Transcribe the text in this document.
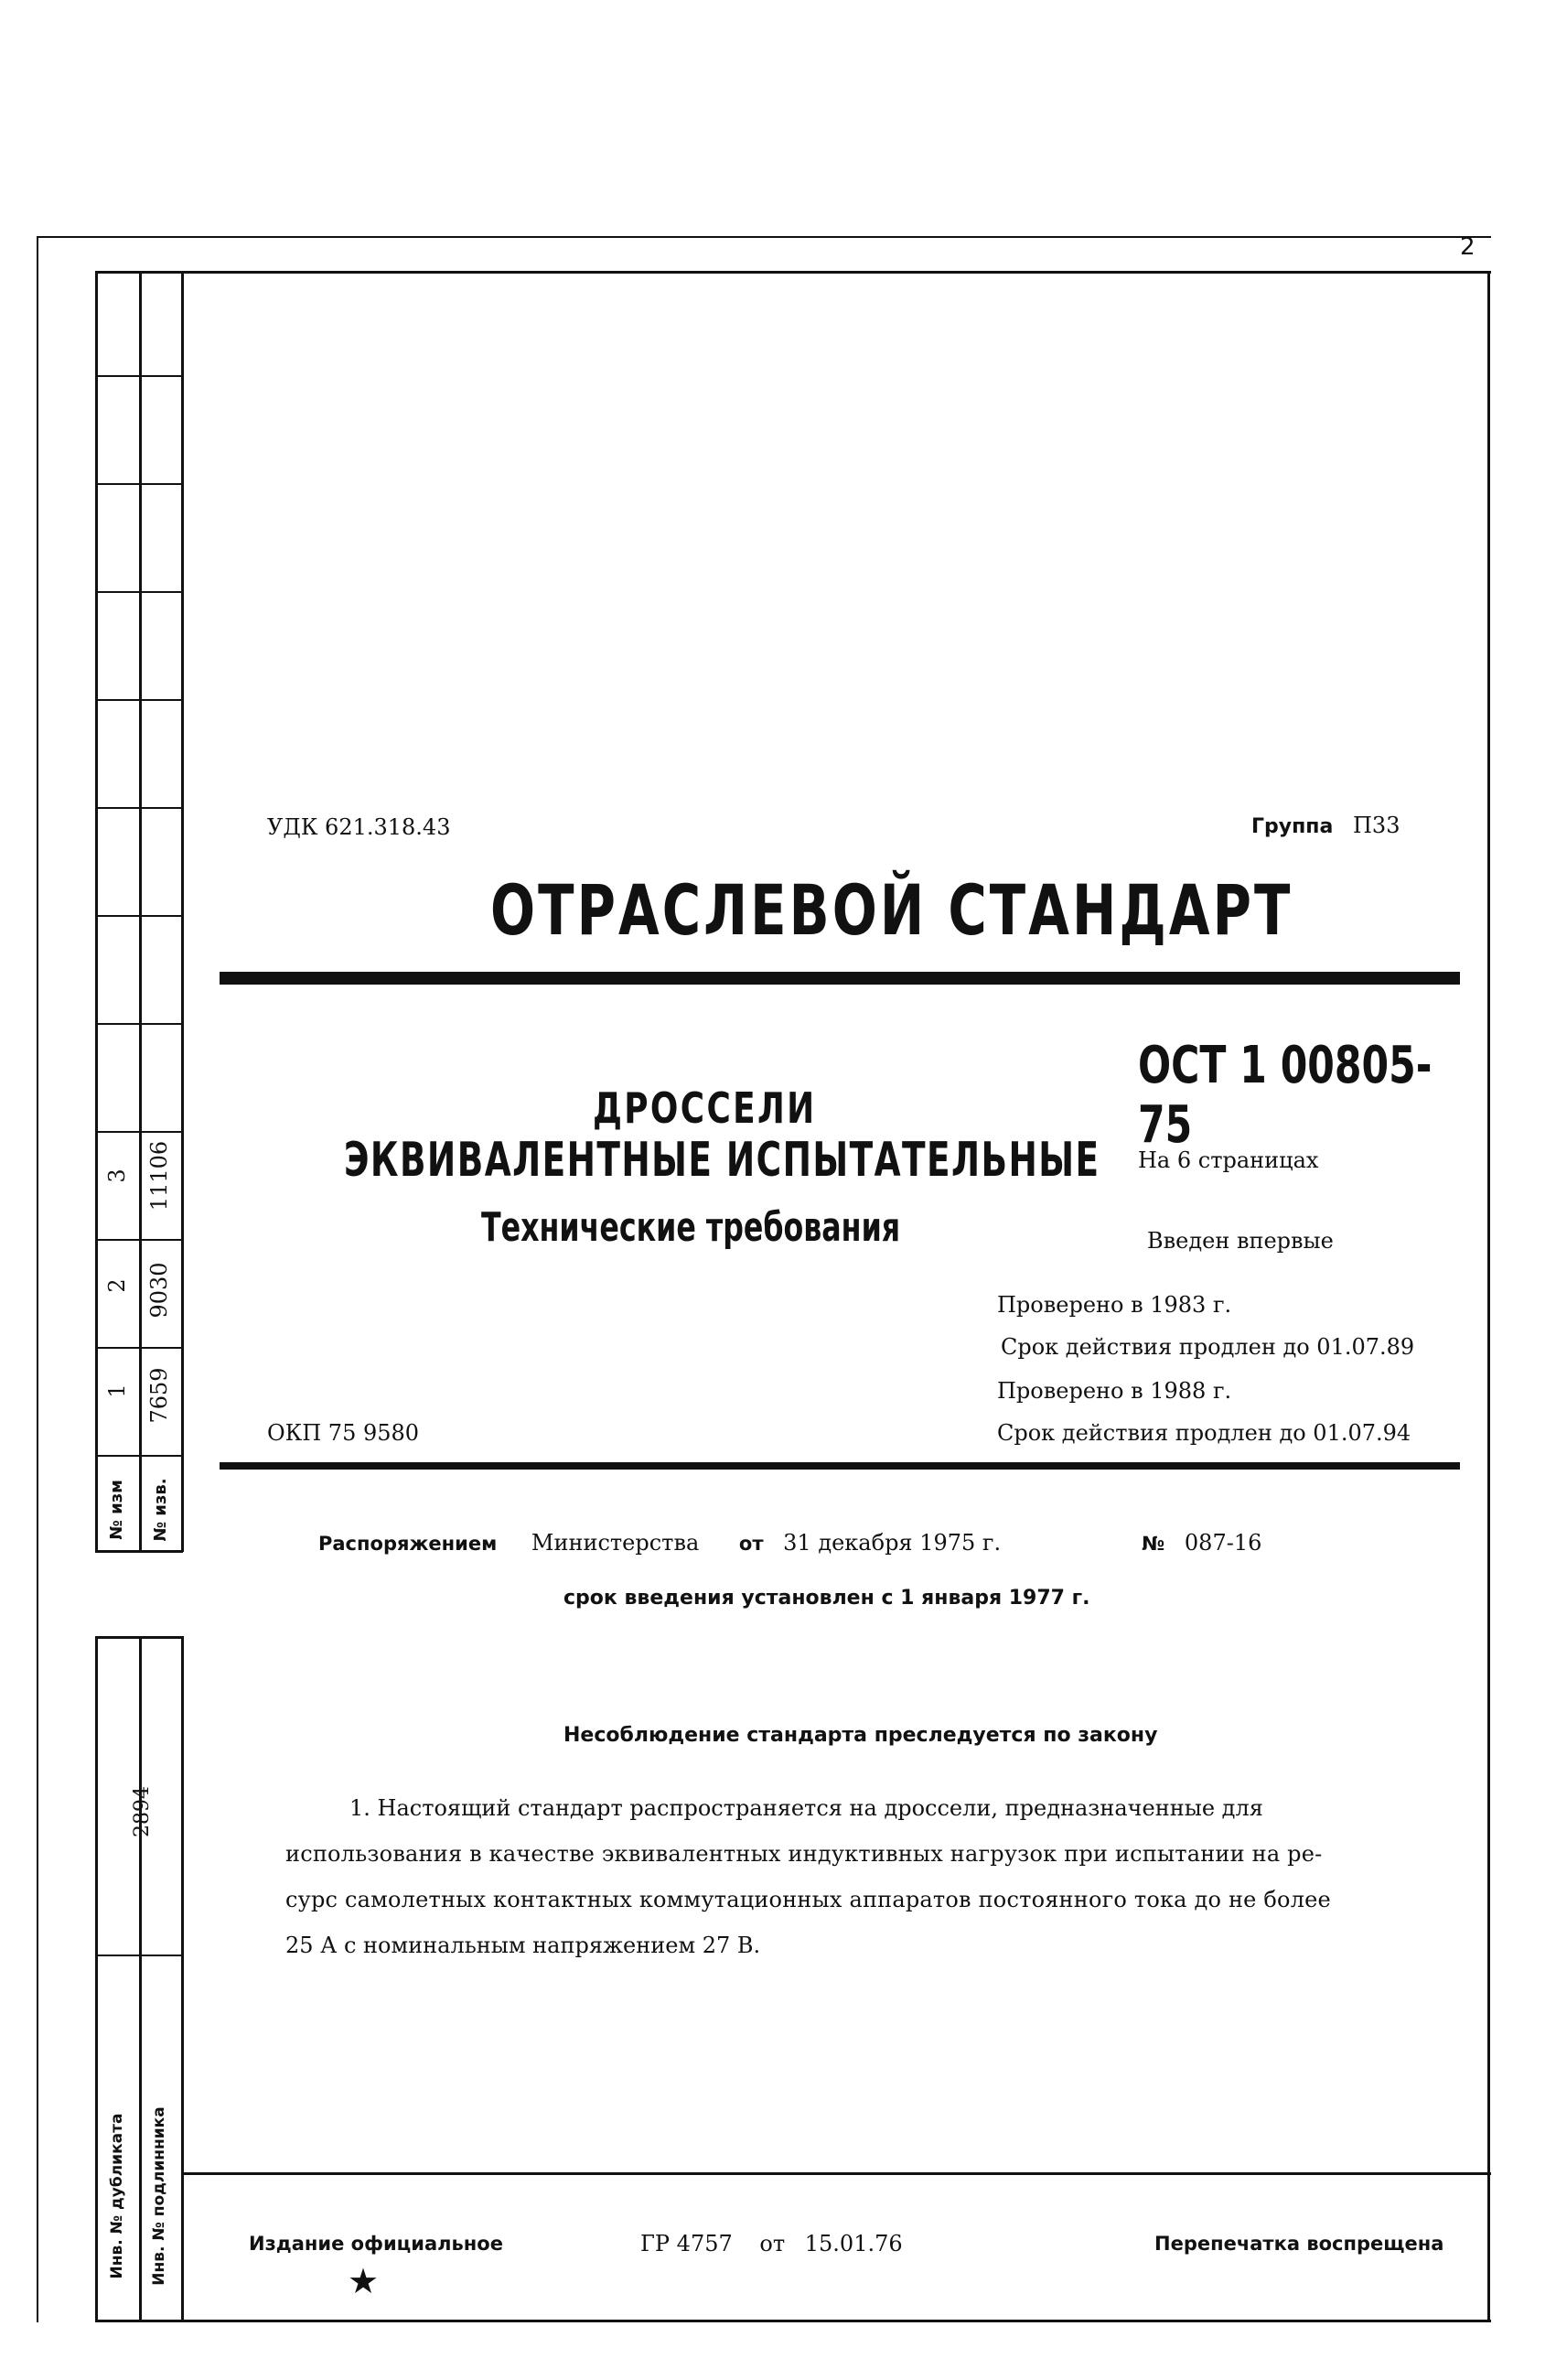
2
3 11106
2 9030
1 7659
№ изм	№ изв.
2894
Инв. № дубликата	Инв. № подлинника
УДК 621.318.43	Группа П33
ОТРАСЛЕВОЙ СТАНДАРТ
ОСТ 1 00805-75
ДРОССЕЛИ
ЭКВИВАЛЕНТНЫЕ ИСПЫТАТЕЛЬНЫЕ
Технические требования
На 6 страницах
Введен впервые
Проверено в 1983 г.
Срок действия продлен до 01.07.89
Проверено в 1988 г.
Срок действия продлен до 01.07.94
ОКП 75 9580
Распоряжением Министерства от 31 декабря 1975 г.	№ 087-16
срок введения установлен с 1 января 1977 г.
Несоблюдение стандарта преследуется по закону
1. Настоящий стандарт распространяется на дроссели, предназначенные для
использования в качестве эквивалентных индуктивных нагрузок при испытании на ре-
сурс самолетных контактных коммутационных аппаратов постоянного тока до не более
25 А с номинальным напряжением 27 В.
Издание официальное
★
ГР 4757 от 15.01.76	Перепечатка воспрещена
